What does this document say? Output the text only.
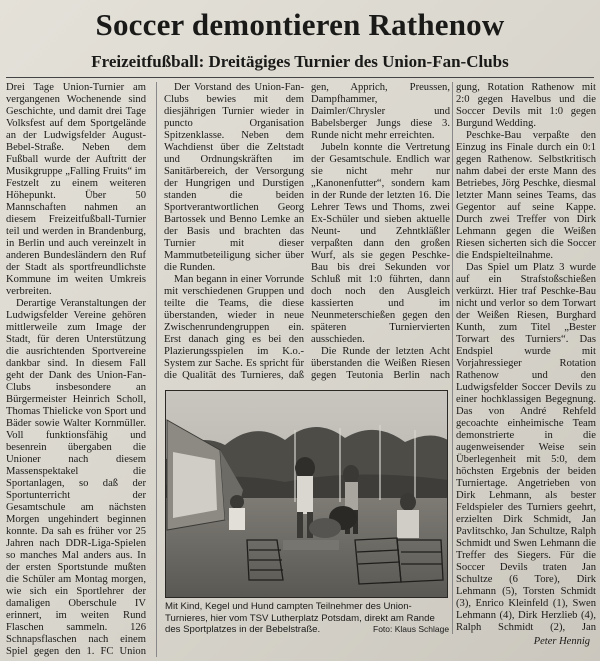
Soccer demontieren Rathenow
Freizeitfußball: Dreitägiges Turnier des Union-Fan-Clubs

Drei Tage Union-Turnier am vergangenen Wochenende sind Geschichte, und damit drei Tage Volksfest auf dem Sportgelände an der Ludwigsfelder August-Bebel-Straße. Neben dem Fußball wurde der Auftritt der Musikgruppe „Falling Fruits“ im Festzelt zu einem weiteren Höhepunkt. Über 50 Mannschaften nahmen an diesem Freizeitfußball-Turnier teil und werden in Brandenburg, in Berlin und auch vereinzelt in anderen Bundesländern den Ruf der Stadt als sportfreundlichste Kommune im weiten Umkreis verbreiten.

Derartige Veranstaltungen der Ludwigsfelder Vereine gehören mittlerweile zum Image der Stadt, für deren Unterstützung die ausrichtenden Sportvereine dankbar sind. In diesem Fall geht der Dank des Union-Fan-Clubs insbesondere an Bürgermeister Heinrich Scholl, Thomas Thielicke von Sport und Bäder sowie Walter Kornmüller. Voll funktionsfähig und besenrein übergaben die Unioner nach diesem Massenspektakel die Sportanlagen, so daß der Sportunterricht der Gesamtschule am nächsten Morgen ungehindert beginnen konnte. Da sah es früher vor 25 Jahren nach DDR-Liga-Spielen so manches Mal anders aus. In der ersten Sportstunde mußten die Schüler am Montag morgen, wie sich ein Sportlehrer der damaligen Oberschule IV erinnert, im weiten Rund Flaschen sammeln. 126 Schnapsflaschen nach einem Spiel gegen den 1. FC Union

Der Vorstand des Union-Fan-Clubs bewies mit dem diesjährigen Turnier wieder in puncto Organisation Spitzenklasse. Neben dem Wachdienst über die Zeltstadt und Ordnungskräften im Sanitärbereich, der Versorgung der Hungrigen und Durstigen standen die beiden Sportverantwortlichen Georg Bartossek und Benno Lemke an der Basis und brachten das Turnier mit dieser Mammutbeteiligung sicher über die Runden.

Man begann in einer Vorrunde mit verschiedenen Gruppen und teilte die Teams, die diese überstanden, wieder in neue Zwischenrundengruppen ein. Erst danach ging es bei den Plazierungsspielen im K.o.-System zur Sache. Es spricht für die Qualität des Turnieres, daß

gen, Apprich, Preussen, Dampfhammer, Daimler/Chrysler und Babelsberger Jungs diese 3. Runde nicht mehr erreichten.

Jubeln konnte die Vertretung der Gesamtschule. Endlich war sie nicht mehr nur „Kanonenfutter“, sondern kam in der Runde der letzten 16. Die Lehrer Tews und Thoms, zwei Ex-Schüler und sieben aktuelle Neunt- und Zehntkläßler verpaßten dann den großen Wurf, als sie gegen Peschke-Bau bis drei Sekunden vor Schluß mit 1:0 führten, dann doch noch den Ausgleich kassierten und im Neunmeterschießen gegen den späteren Turniervierten ausschieden.

Die Runde der letzten Acht überstanden die Weißen Riesen gegen Teutonia Berlin nach

gung, Rotation Rathenow mit 2:0 gegen Havelbus und die Soccer Devils mit 1:0 gegen Burgund Wedding.

Peschke-Bau verpaßte den Einzug ins Finale durch ein 0:1 gegen Rathenow. Selbstkritisch nahm dabei der erste Mann des Betriebes, Jörg Peschke, diesmal letzter Mann seines Teams, das Gegentor auf seine Kappe. Durch zwei Treffer von Dirk Lehmann gegen die Weißen Riesen sicherten sich die Soccer die Endspielteilnahme.

Das Spiel um Platz 3 wurde auf ein Strafstoßschießen verkürzt. Hier traf Peschke-Bau nicht und verlor so dem Torwart der Weißen Riesen, Burghard Kunth, zum Titel „Bester Torwart des Turniers“. Das Endspiel wurde mit Vorjahressieger Rotation Rathenow und den Ludwigsfelder Soccer Devils zu einer hochklassigen Begegnung. Das von André Rehfeld gecoachte einheimische Team demonstrierte in die augenweisender Weise sein Überlegenheit mit 5:0, dem höchsten Ergebnis der beiden Turniertage. Angetrieben von Dirk Lehmann, als bester Feldspieler des Turniers geehrt, erzielten Dirk Schmidt, Jan Pavlitschko, Jan Schultze, Ralph Schmidt und Swen Lehmann die Treffer des Siegers. Für die Soccer Devils traten Jan Schultze (6 Tore), Dirk Lehmann (5), Torsten Schmidt (3), Enrico Kleinfeld (1), Swen Lehmann (4), Dirk Herzlieb (4), Ralph Schmidt (2), Jan

Mit Kind, Kegel und Hund campten Teilnehmer des Union-Turnieres, hier vom TSV Lutherplatz Potsdam, direkt am Rande des Sportplatzes in der Bebelstraße.	Foto: Klaus Schlage
Peter Hennig
